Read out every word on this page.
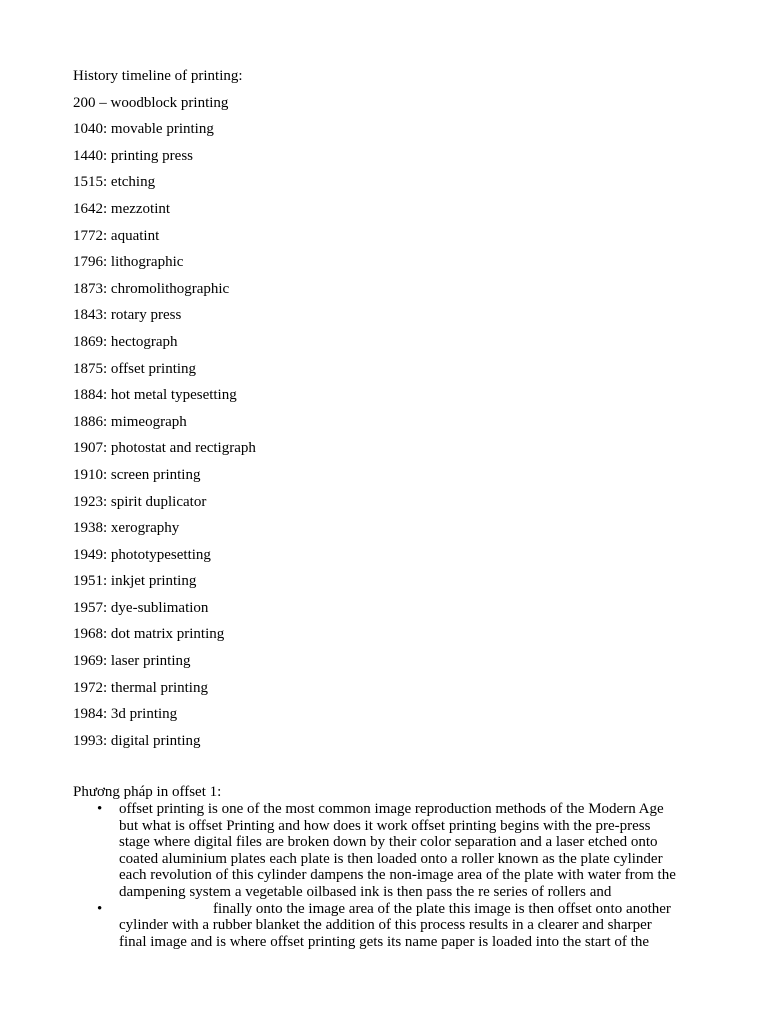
History timeline of printing:
200 – woodblock printing
1040: movable printing
1440: printing press
1515: etching
1642: mezzotint
1772: aquatint
1796: lithographic
1873: chromolithographic
1843: rotary press
1869: hectograph
1875: offset printing
1884: hot metal typesetting
1886: mimeograph
1907: photostat and rectigraph
1910: screen printing
1923: spirit duplicator
1938: xerography
1949: phototypesetting
1951: inkjet printing
1957: dye-sublimation
1968: dot matrix printing
1969: laser printing
1972: thermal printing
1984: 3d printing
1993: digital printing

Phương pháp in offset 1:

• offset printing is one of the most common image reproduction methods of the Modern Age
but what is offset Printing and how does it work offset printing begins with the pre-press
stage where digital files are broken down by their color separation and a laser etched onto
coated aluminium plates each plate is then loaded onto a roller known as the plate cylinder
each revolution of this cylinder dampens the non-image area of the plate with water from the
dampening system a vegetable oilbased ink is then pass the re series of rollers and
•	finally onto the image area of the plate this image is then offset onto another
cylinder with a rubber blanket the addition of this process results in a clearer and sharper
final image and is where offset printing gets its name paper is loaded into the start of the
